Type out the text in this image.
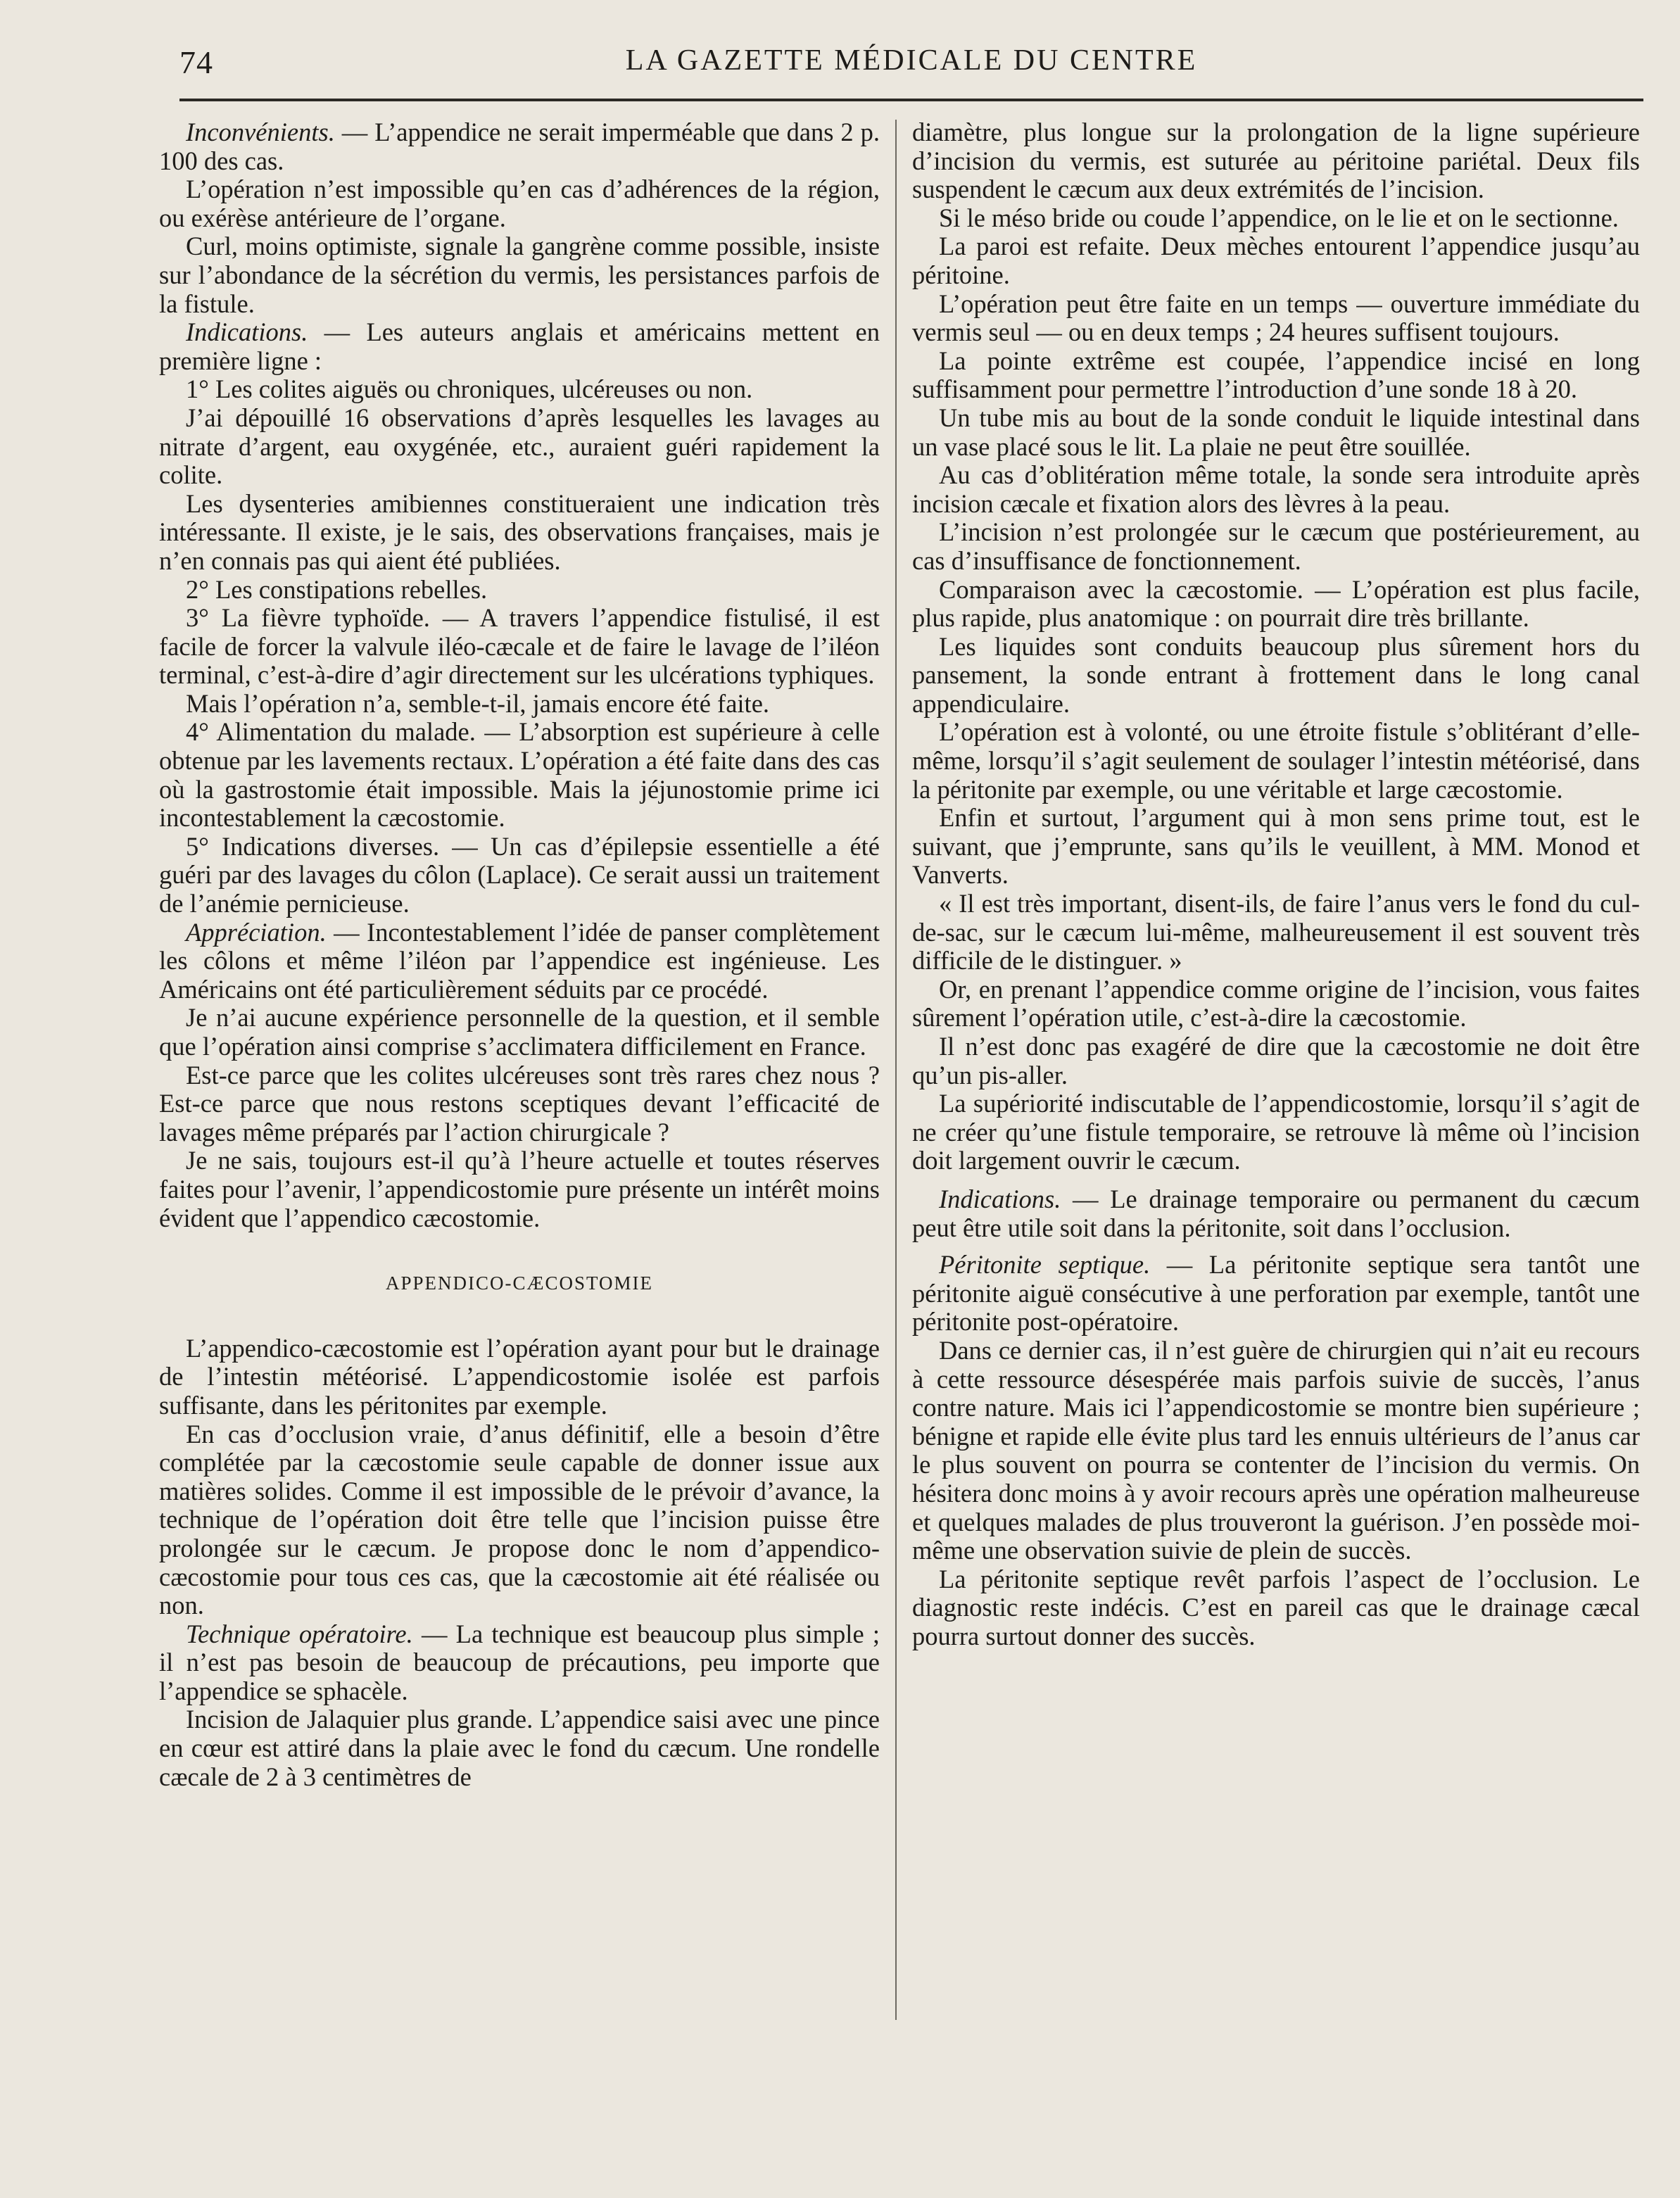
74	LA GAZETTE MÉDICALE DU CENTRE

Inconvénients. — L’appendice ne serait imperméable que dans 2 p. 100 des cas.

L’opération n’est impossible qu’en cas d’adhérences de la région, ou exérèse antérieure de l’organe.

Curl, moins optimiste, signale la gangrène comme possible, insiste sur l’abondance de la sécrétion du vermis, les persistances parfois de la fistule.

Indications. — Les auteurs anglais et américains mettent en première ligne :

1° Les colites aiguës ou chroniques, ulcéreuses ou non.

J’ai dépouillé 16 observations d’après lesquelles les lavages au nitrate d’argent, eau oxygénée, etc., auraient guéri rapidement la colite.

Les dysenteries amibiennes constitueraient une indication très intéressante. Il existe, je le sais, des observations françaises, mais je n’en connais pas qui aient été publiées.

2° Les constipations rebelles.

3° La fièvre typhoïde. — A travers l’appendice fistulisé, il est facile de forcer la valvule iléo-cæcale et de faire le lavage de l’iléon terminal, c’est-à-dire d’agir directement sur les ulcérations typhiques.

Mais l’opération n’a, semble-t-il, jamais encore été faite.

4° Alimentation du malade. — L’absorption est supérieure à celle obtenue par les lavements rectaux. L’opération a été faite dans des cas où la gastrostomie était impossible. Mais la jéjunostomie prime ici incontestablement la cæcostomie.

5° Indications diverses. — Un cas d’épilepsie essentielle a été guéri par des lavages du côlon (Laplace). Ce serait aussi un traitement de l’anémie pernicieuse.

Appréciation. — Incontestablement l’idée de panser complètement les côlons et même l’iléon par l’appendice est ingénieuse. Les Américains ont été particulièrement séduits par ce procédé.

Je n’ai aucune expérience personnelle de la question, et il semble que l’opération ainsi comprise s’acclimatera difficilement en France.

Est-ce parce que les colites ulcéreuses sont très rares chez nous ? Est-ce parce que nous restons sceptiques devant l’efficacité de lavages même préparés par l’action chirurgicale ?

Je ne sais, toujours est-il qu’à l’heure actuelle et toutes réserves faites pour l’avenir, l’appendicostomie pure présente un intérêt moins évident que l’appendico cæcostomie.

APPENDICO-CÆCOSTOMIE

L’appendico-cæcostomie est l’opération ayant pour but le drainage de l’intestin météorisé. L’appendicostomie isolée est parfois suffisante, dans les péritonites par exemple.

En cas d’occlusion vraie, d’anus définitif, elle a besoin d’être complétée par la cæcostomie seule capable de donner issue aux matières solides. Comme il est impossible de le prévoir d’avance, la technique de l’opération doit être telle que l’incision puisse être prolongée sur le cæcum. Je propose donc le nom d’appendico-cæcostomie pour tous ces cas, que la cæcostomie ait été réalisée ou non.

Technique opératoire. — La technique est beaucoup plus simple ; il n’est pas besoin de beaucoup de précautions, peu importe que l’appendice se sphacèle.

Incision de Jalaquier plus grande. L’appendice saisi avec une pince en cœur est attiré dans la plaie avec le fond du cæcum. Une rondelle cæcale de 2 à 3 centimètres de

diamètre, plus longue sur la prolongation de la ligne supérieure d’incision du vermis, est suturée au péritoine pariétal. Deux fils suspendent le cæcum aux deux extrémités de l’incision.

Si le méso bride ou coude l’appendice, on le lie et on le sectionne.

La paroi est refaite. Deux mèches entourent l’appendice jusqu’au péritoine.

L’opération peut être faite en un temps — ouverture immédiate du vermis seul — ou en deux temps ; 24 heures suffisent toujours.

La pointe extrême est coupée, l’appendice incisé en long suffisamment pour permettre l’introduction d’une sonde 18 à 20.

Un tube mis au bout de la sonde conduit le liquide intestinal dans un vase placé sous le lit. La plaie ne peut être souillée.

Au cas d’oblitération même totale, la sonde sera introduite après incision cæcale et fixation alors des lèvres à la peau.

L’incision n’est prolongée sur le cæcum que postérieurement, au cas d’insuffisance de fonctionnement.

Comparaison avec la cæcostomie. — L’opération est plus facile, plus rapide, plus anatomique : on pourrait dire très brillante.

Les liquides sont conduits beaucoup plus sûrement hors du pansement, la sonde entrant à frottement dans le long canal appendiculaire.

L’opération est à volonté, ou une étroite fistule s’oblitérant d’elle-même, lorsqu’il s’agit seulement de soulager l’intestin météorisé, dans la péritonite par exemple, ou une véritable et large cæcostomie.

Enfin et surtout, l’argument qui à mon sens prime tout, est le suivant, que j’emprunte, sans qu’ils le veuillent, à MM. Monod et Vanverts.

« Il est très important, disent-ils, de faire l’anus vers le fond du cul-de-sac, sur le cæcum lui-même, malheureusement il est souvent très difficile de le distinguer. »

Or, en prenant l’appendice comme origine de l’incision, vous faites sûrement l’opération utile, c’est-à-dire la cæcostomie.

Il n’est donc pas exagéré de dire que la cæcostomie ne doit être qu’un pis-aller.

La supériorité indiscutable de l’appendicostomie, lorsqu’il s’agit de ne créer qu’une fistule temporaire, se retrouve là même où l’incision doit largement ouvrir le cæcum.

Indications. — Le drainage temporaire ou permanent du cæcum peut être utile soit dans la péritonite, soit dans l’occlusion.

Péritonite septique. — La péritonite septique sera tantôt une péritonite aiguë consécutive à une perforation par exemple, tantôt une péritonite post-opératoire.

Dans ce dernier cas, il n’est guère de chirurgien qui n’ait eu recours à cette ressource désespérée mais parfois suivie de succès, l’anus contre nature. Mais ici l’appendicostomie se montre bien supérieure ; bénigne et rapide elle évite plus tard les ennuis ultérieurs de l’anus car le plus souvent on pourra se contenter de l’incision du vermis. On hésitera donc moins à y avoir recours après une opération malheureuse et quelques malades de plus trouveront la guérison. J’en possède moi-même une observation suivie de plein de succès.

La péritonite septique revêt parfois l’aspect de l’occlusion. Le diagnostic reste indécis. C’est en pareil cas que le drainage cæcal pourra surtout donner des succès.
